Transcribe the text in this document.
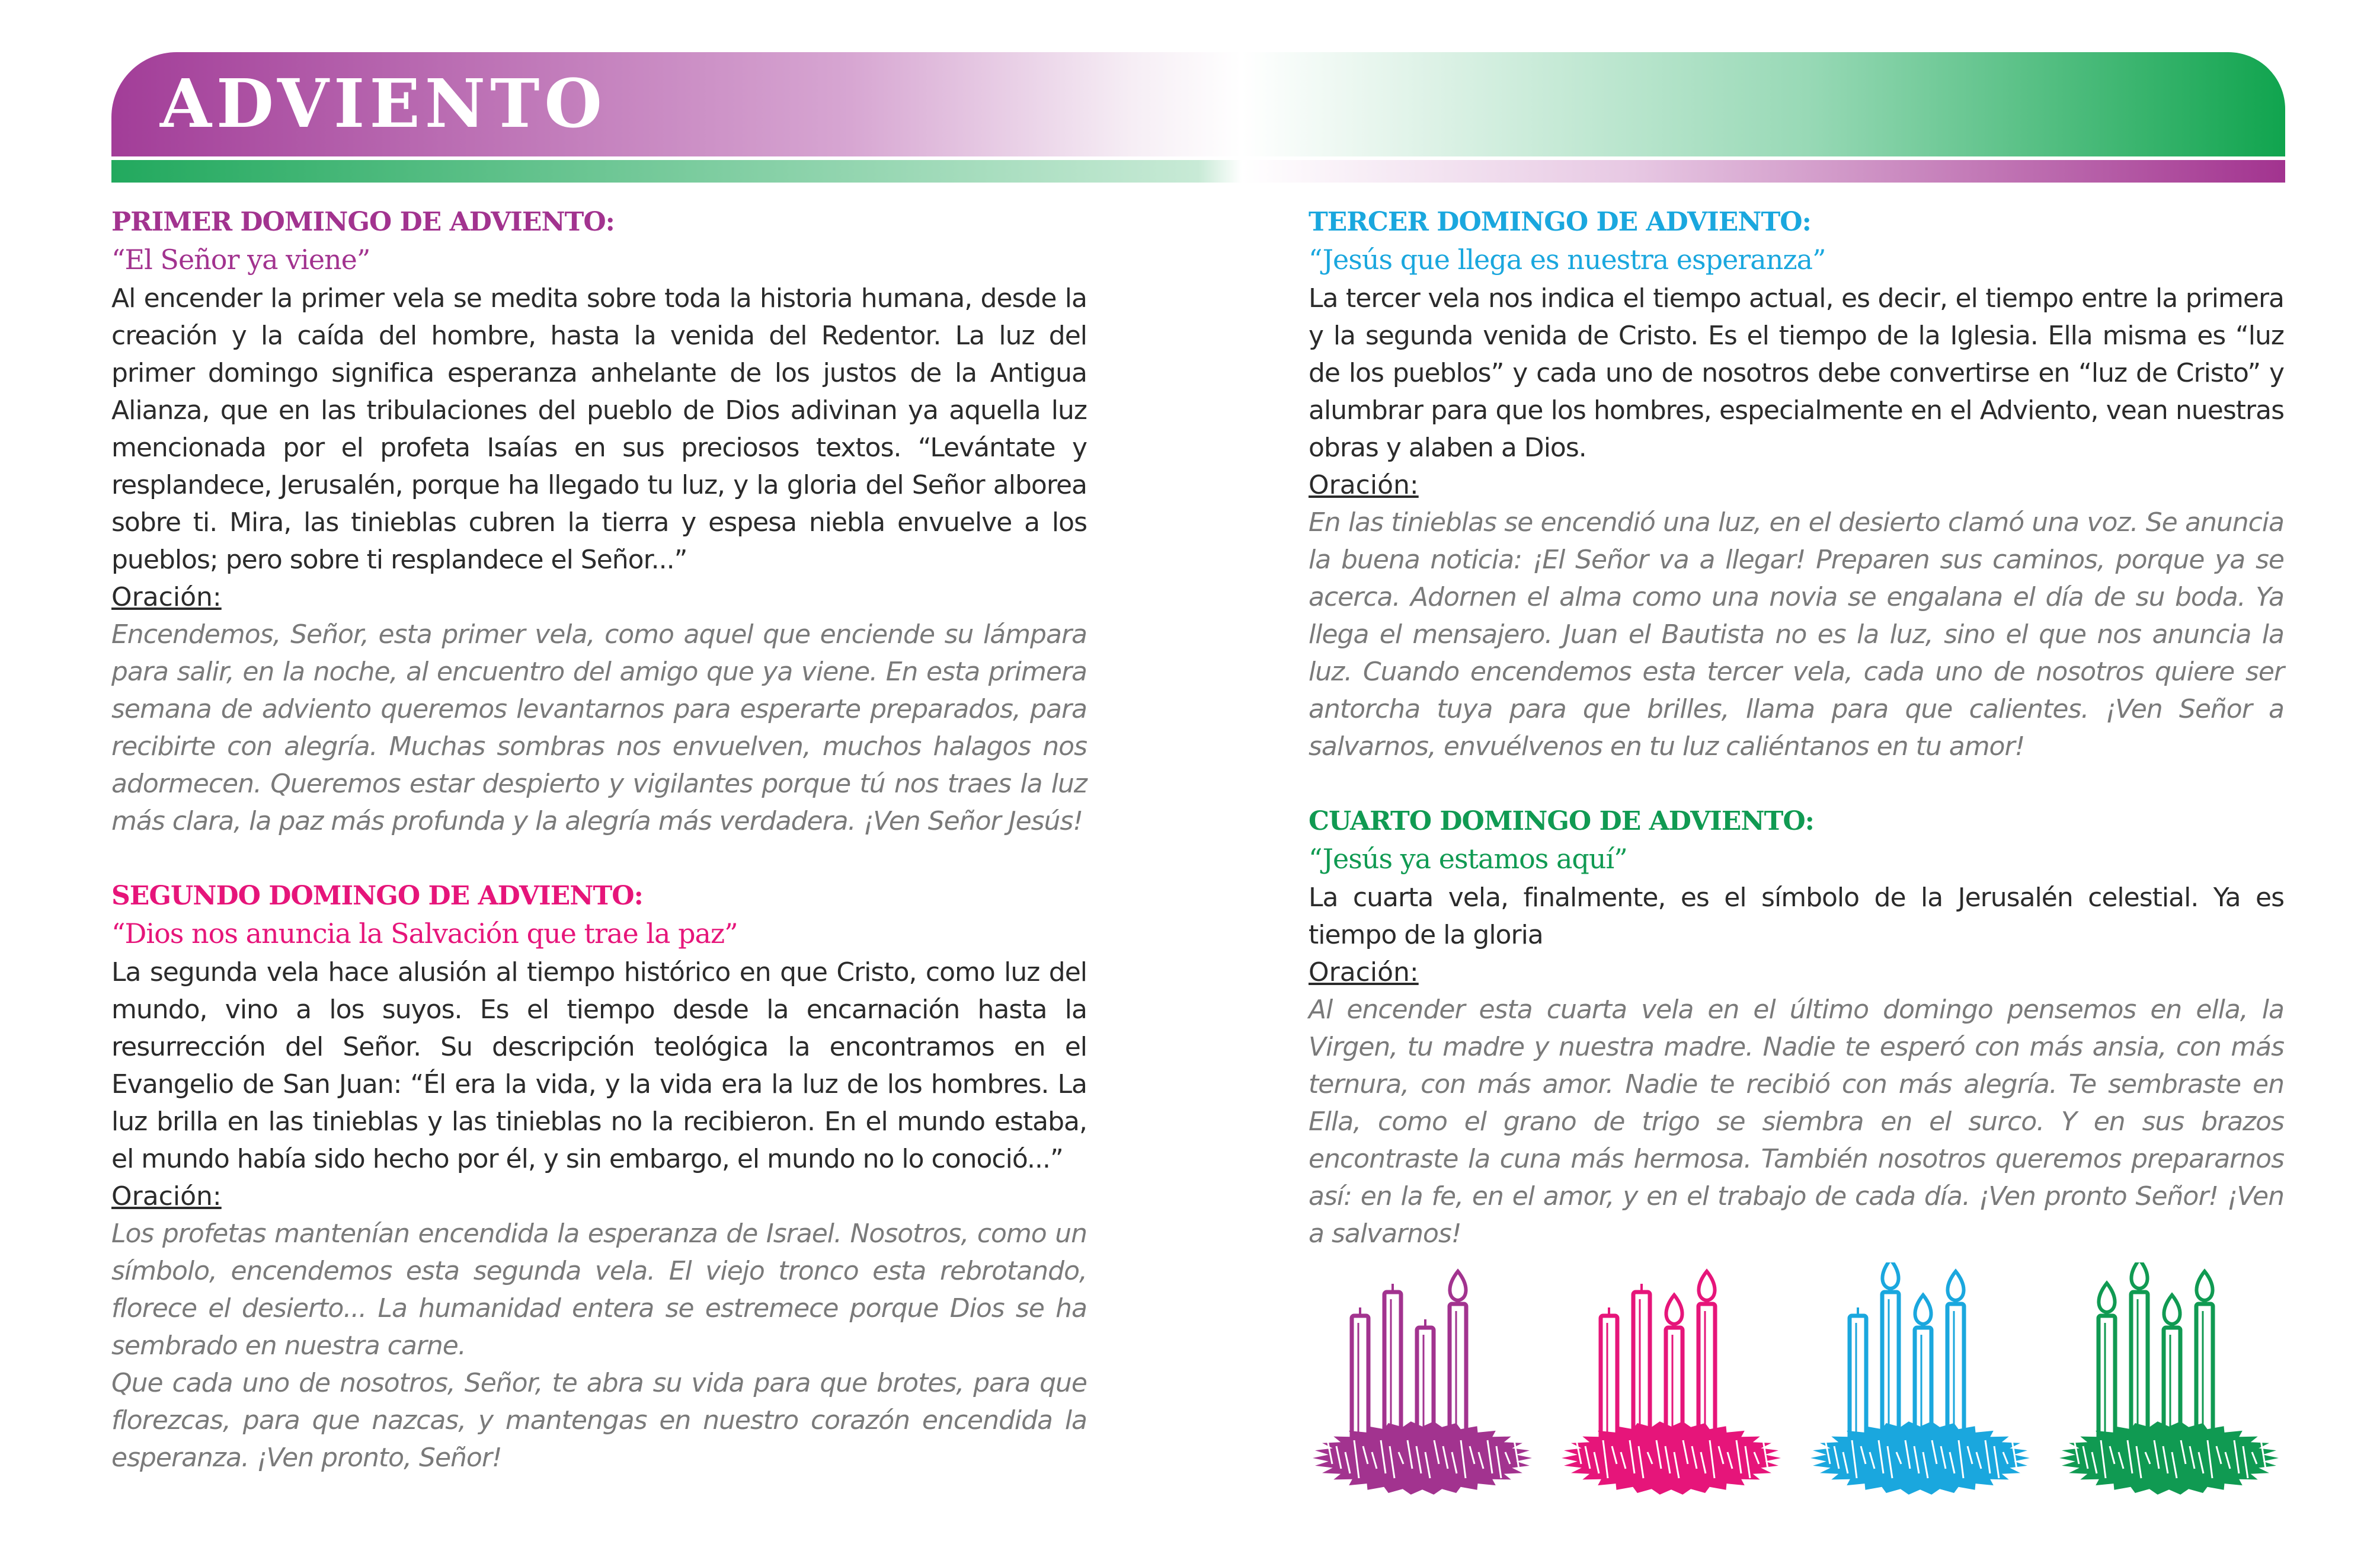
ADVIENTO

PRIMER DOMINGO DE ADVIENTO:

“El Señor ya viene”

Al encender la primer vela se medita sobre toda la historia humana, desde la creación y la caída del hombre, hasta la venida del Redentor. La luz del primer domingo significa esperanza anhelante de los justos de la Antigua Alianza, que en las tribulaciones del pueblo de Dios adivinan ya aquella luz mencionada por el profeta Isaías en sus preciosos textos. “Levántate y resplandece, Jerusalén, porque ha llegado tu luz, y la gloria del Señor alborea sobre ti. Mira, las tinieblas cubren la tierra y espesa niebla envuelve a los pueblos; pero sobre ti resplandece el Señor...”

Oración:

Encendemos, Señor, esta primer vela, como aquel que enciende su lámpara para salir, en la noche, al encuentro del amigo que ya viene. En esta primera semana de adviento queremos levantarnos para esperarte preparados, para recibirte con alegría. Muchas sombras nos envuelven, muchos halagos nos adormecen. Queremos estar despierto y vigilantes porque tú nos traes la luz más clara, la paz más profunda y la alegría más verdadera. ¡Ven Señor Jesús!

SEGUNDO DOMINGO DE ADVIENTO:

“Dios nos anuncia la Salvación que trae la paz”

La segunda vela hace alusión al tiempo histórico en que Cristo, como luz del mundo, vino a los suyos. Es el tiempo desde la encarnación hasta la resurrección del Señor. Su descripción teológica la encontramos en el Evangelio de San Juan: “Él era la vida, y la vida era la luz de los hombres. La luz brilla en las tinieblas y las tinieblas no la recibieron. En el mundo estaba, el mundo había sido hecho por él, y sin embargo, el mundo no lo conoció...”

Oración:

Los profetas mantenían encendida la esperanza de Israel. Nosotros, como un símbolo, encendemos esta segunda vela. El viejo tronco esta rebrotando, florece el desierto... La humanidad entera se estremece porque Dios se ha sembrado en nuestra carne.

Que cada uno de nosotros, Señor, te abra su vida para que brotes, para que florezcas, para que nazcas, y mantengas en nuestro corazón encendida la esperanza. ¡Ven pronto, Señor!

TERCER DOMINGO DE ADVIENTO:

“Jesús que llega es nuestra esperanza”

La tercer vela nos indica el tiempo actual, es decir, el tiempo entre la primera y la segunda venida de Cristo. Es el tiempo de la Iglesia. Ella misma es “luz de los pueblos” y cada uno de nosotros debe convertirse en “luz de Cristo” y alumbrar para que los hombres, especialmente en el Adviento, vean nuestras obras y alaben a Dios.

Oración:

En las tinieblas se encendió una luz, en el desierto clamó una voz. Se anuncia la buena noticia: ¡El Señor va a llegar! Preparen sus caminos, porque ya se acerca. Adornen el alma como una novia se engalana el día de su boda. Ya llega el mensajero. Juan el Bautista no es la luz, sino el que nos anuncia la luz. Cuando encendemos esta tercer vela, cada uno de nosotros quiere ser antorcha tuya para que brilles, llama para que calientes. ¡Ven Señor a salvarnos, envuélvenos en tu luz caliéntanos en tu amor!

CUARTO DOMINGO DE ADVIENTO:

“Jesús ya estamos aquí”

La cuarta vela, finalmente, es el símbolo de la Jerusalén celestial. Ya es tiempo de la gloria

Oración:

Al encender esta cuarta vela en el último domingo pensemos en ella, la Virgen, tu madre y nuestra madre. Nadie te esperó con más ansia, con más ternura, con más amor. Nadie te recibió con más alegría. Te sembraste en Ella, como el grano de trigo se siembra en el surco. Y en sus brazos encontraste la cuna más hermosa. También nosotros queremos prepararnos así: en la fe, en el amor, y en el trabajo de cada día. ¡Ven pronto Señor! ¡Ven a salvarnos!
